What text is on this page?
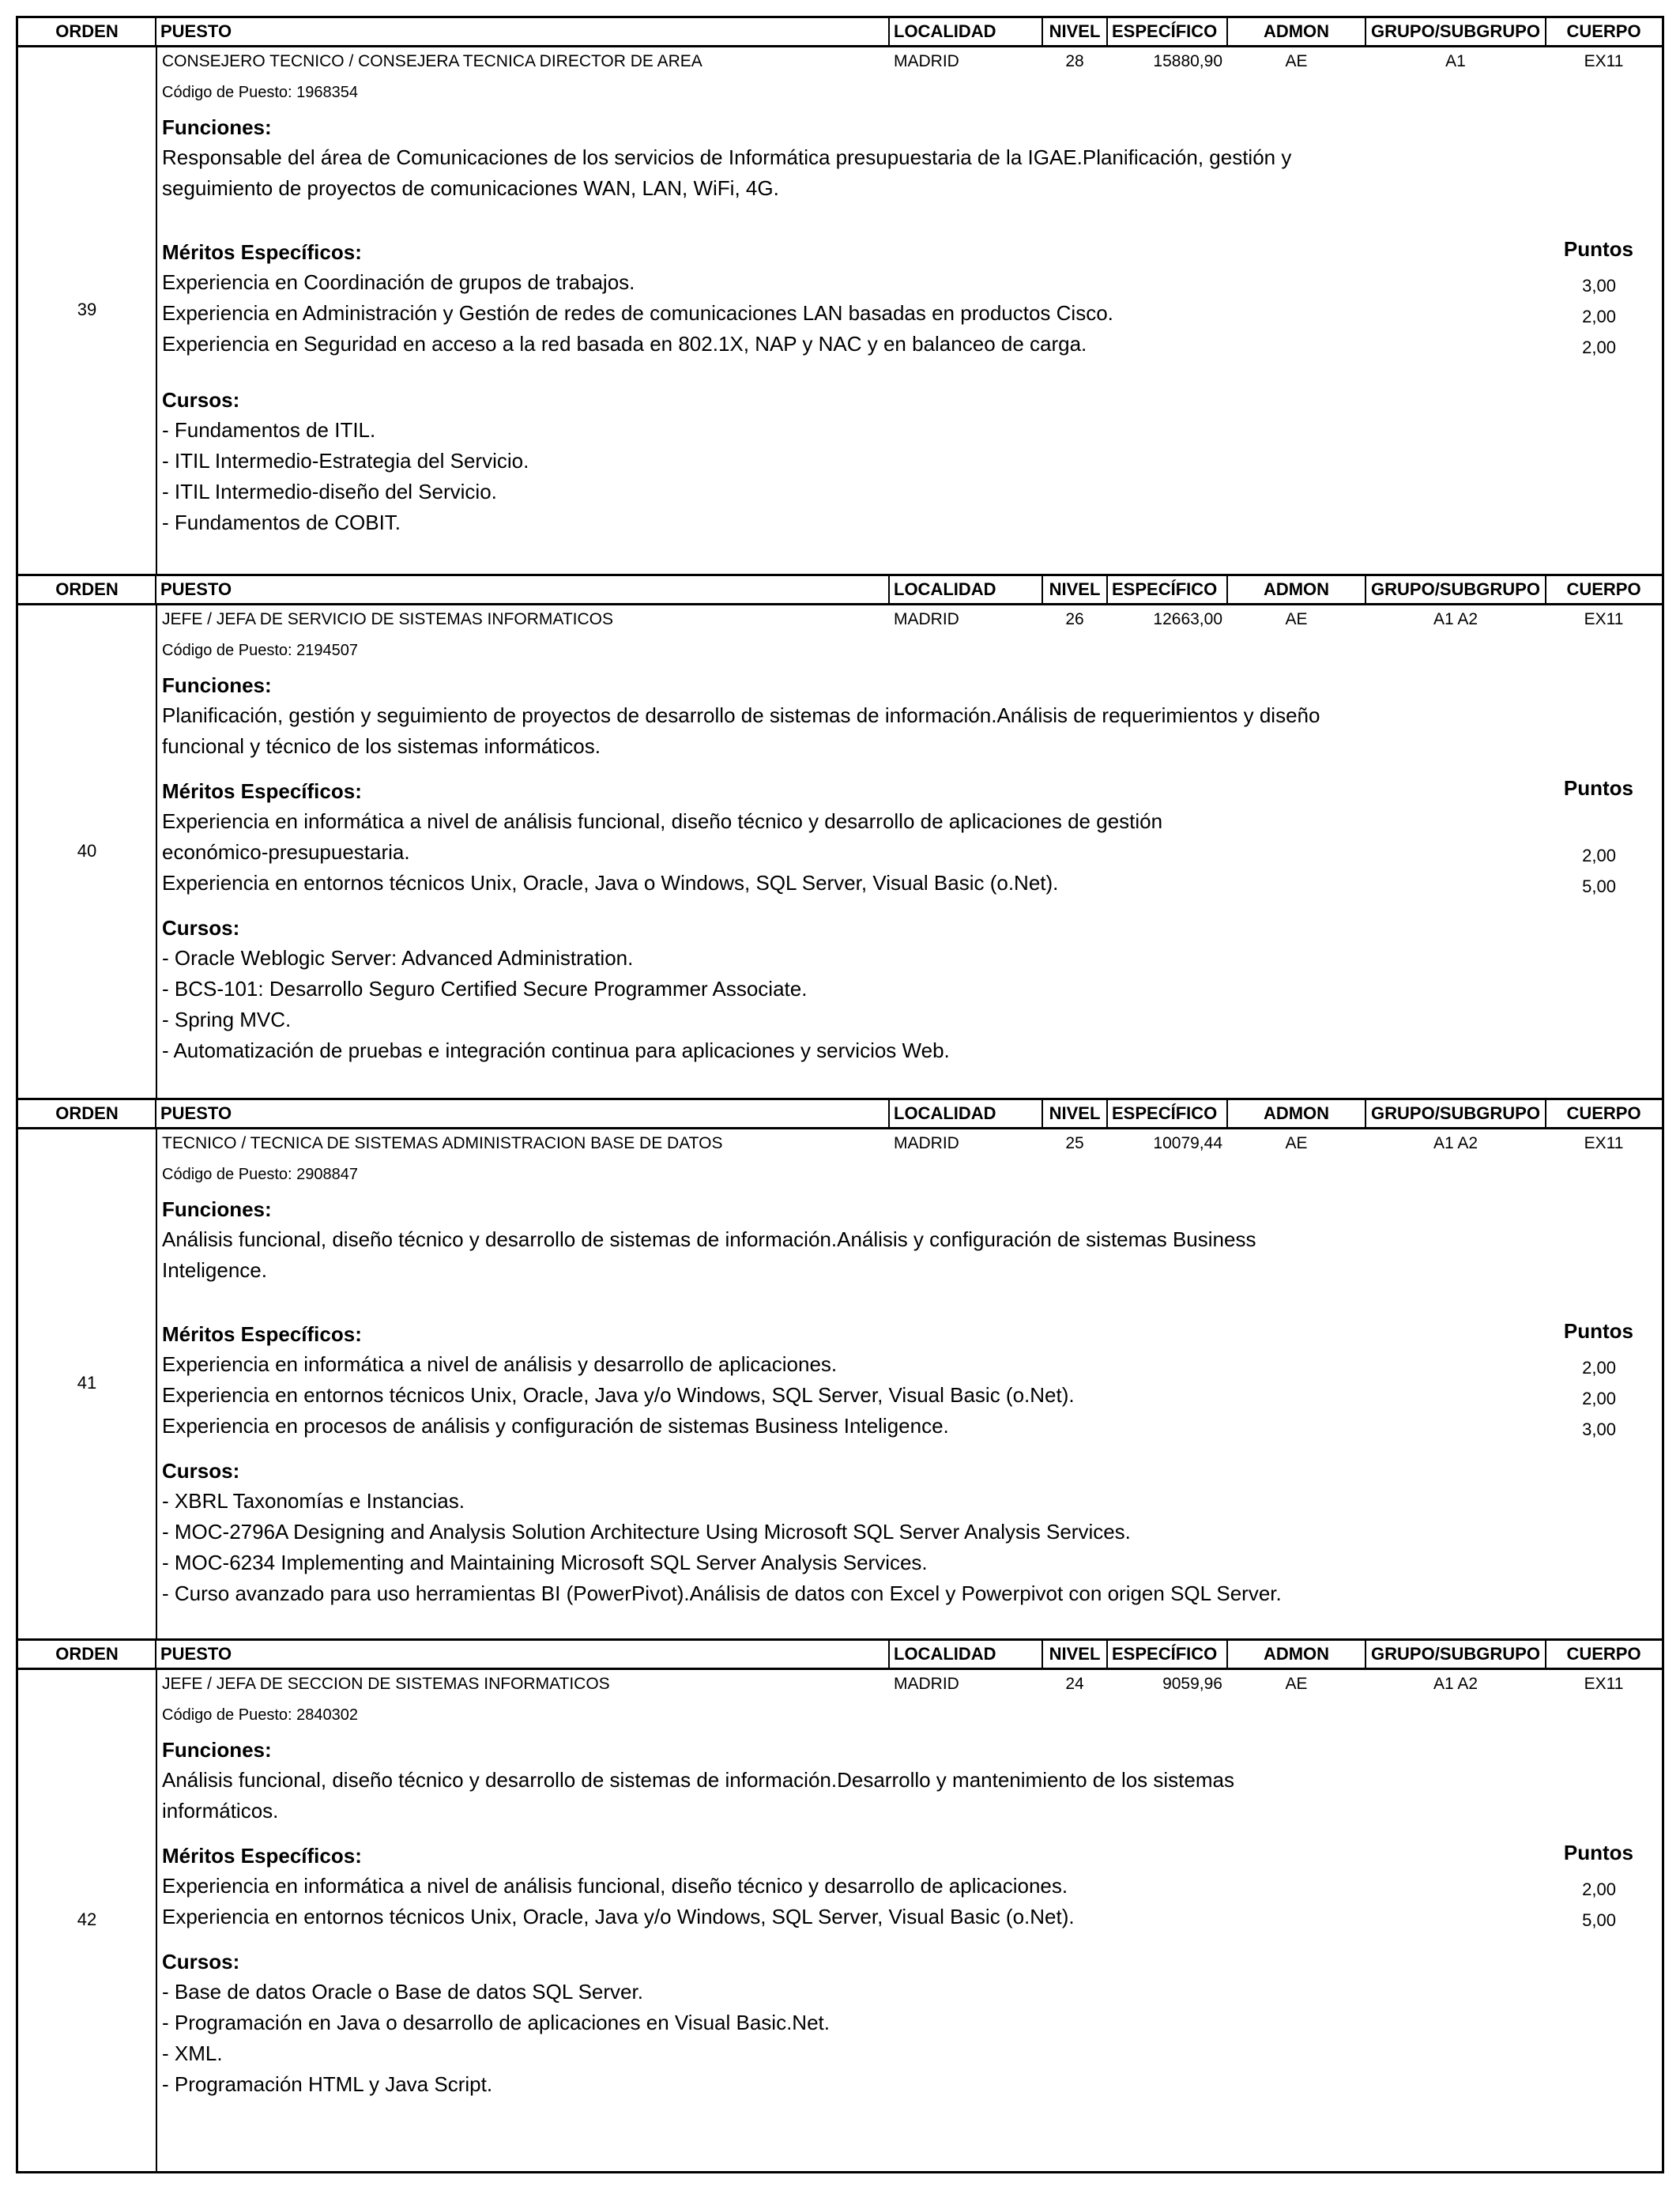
ORDEN	PUESTO	LOCALIDAD	NIVEL ESPECÍFICO	ADMON	GRUPO/SUBGRUPO	CUERPO
39
CONSEJERO TECNICO / CONSEJERA TECNICA DIRECTOR DE AREA	MADRID	28	15880,90	AE	A1	EX11
Código de Puesto: 1968354
Funciones:
Responsable del área de Comunicaciones de los servicios de Informática presupuestaria de la IGAE.Planificación, gestión y
seguimiento de proyectos de comunicaciones WAN, LAN, WiFi, 4G.
Méritos Específicos:	Puntos
Experiencia en Coordinación de grupos de trabajos.	3,00
Experiencia en Administración y Gestión de redes de comunicaciones LAN basadas en productos Cisco.	2,00
Experiencia en Seguridad en acceso a la red basada en 802.1X, NAP y NAC y en balanceo de carga.	2,00
Cursos:
- Fundamentos de ITIL.
- ITIL Intermedio-Estrategia del Servicio.
- ITIL Intermedio-diseño del Servicio.
- Fundamentos de COBIT.
ORDEN	PUESTO	LOCALIDAD	NIVEL ESPECÍFICO	ADMON	GRUPO/SUBGRUPO	CUERPO
40
JEFE / JEFA DE SERVICIO DE SISTEMAS INFORMATICOS	MADRID	26	12663,00	AE	A1 A2	EX11
Código de Puesto: 2194507
Funciones:
Planificación, gestión y seguimiento de proyectos de desarrollo de sistemas de información.Análisis de requerimientos y diseño
funcional y técnico de los sistemas informáticos.
Méritos Específicos:	Puntos
Experiencia en informática a nivel de análisis funcional, diseño técnico y desarrollo de aplicaciones de gestión
económico-presupuestaria.	2,00
Experiencia en entornos técnicos Unix, Oracle, Java o Windows, SQL Server, Visual Basic (o.Net).	5,00
Cursos:
- Oracle Weblogic Server: Advanced Administration.
- BCS-101: Desarrollo Seguro Certified Secure Programmer Associate.
- Spring MVC.
- Automatización de pruebas e integración continua para aplicaciones y servicios Web.
ORDEN	PUESTO	LOCALIDAD	NIVEL ESPECÍFICO	ADMON	GRUPO/SUBGRUPO	CUERPO
41
TECNICO / TECNICA DE SISTEMAS ADMINISTRACION BASE DE DATOS	MADRID	25	10079,44	AE	A1 A2	EX11
Código de Puesto: 2908847
Funciones:
Análisis funcional, diseño técnico y desarrollo de sistemas de información.Análisis y configuración de sistemas Business
Inteligence.
Méritos Específicos:	Puntos
Experiencia en informática a nivel de análisis y desarrollo de aplicaciones.	2,00
Experiencia en entornos técnicos Unix, Oracle, Java y/o Windows, SQL Server, Visual Basic (o.Net).	2,00
Experiencia en procesos de análisis y configuración de sistemas Business Inteligence.	3,00
Cursos:
- XBRL Taxonomías e Instancias.
- MOC-2796A Designing and Analysis Solution Architecture Using Microsoft SQL Server Analysis Services.
- MOC-6234 Implementing and Maintaining Microsoft SQL Server Analysis Services.
- Curso avanzado para uso herramientas BI (PowerPivot).Análisis de datos con Excel y Powerpivot con origen SQL Server.
ORDEN	PUESTO	LOCALIDAD	NIVEL ESPECÍFICO	ADMON	GRUPO/SUBGRUPO	CUERPO
42
JEFE / JEFA DE SECCION DE SISTEMAS INFORMATICOS	MADRID	24	9059,96	AE	A1 A2	EX11
Código de Puesto: 2840302
Funciones:
Análisis funcional, diseño técnico y desarrollo de sistemas de información.Desarrollo y mantenimiento de los sistemas
informáticos.
Méritos Específicos:	Puntos
Experiencia en informática a nivel de análisis funcional, diseño técnico y desarrollo de aplicaciones.	2,00
Experiencia en entornos técnicos Unix, Oracle, Java y/o Windows, SQL Server, Visual Basic (o.Net).	5,00
Cursos:
- Base de datos Oracle o Base de datos SQL Server.
- Programación en Java o desarrollo de aplicaciones en Visual Basic.Net.
- XML.
- Programación HTML y Java Script.
